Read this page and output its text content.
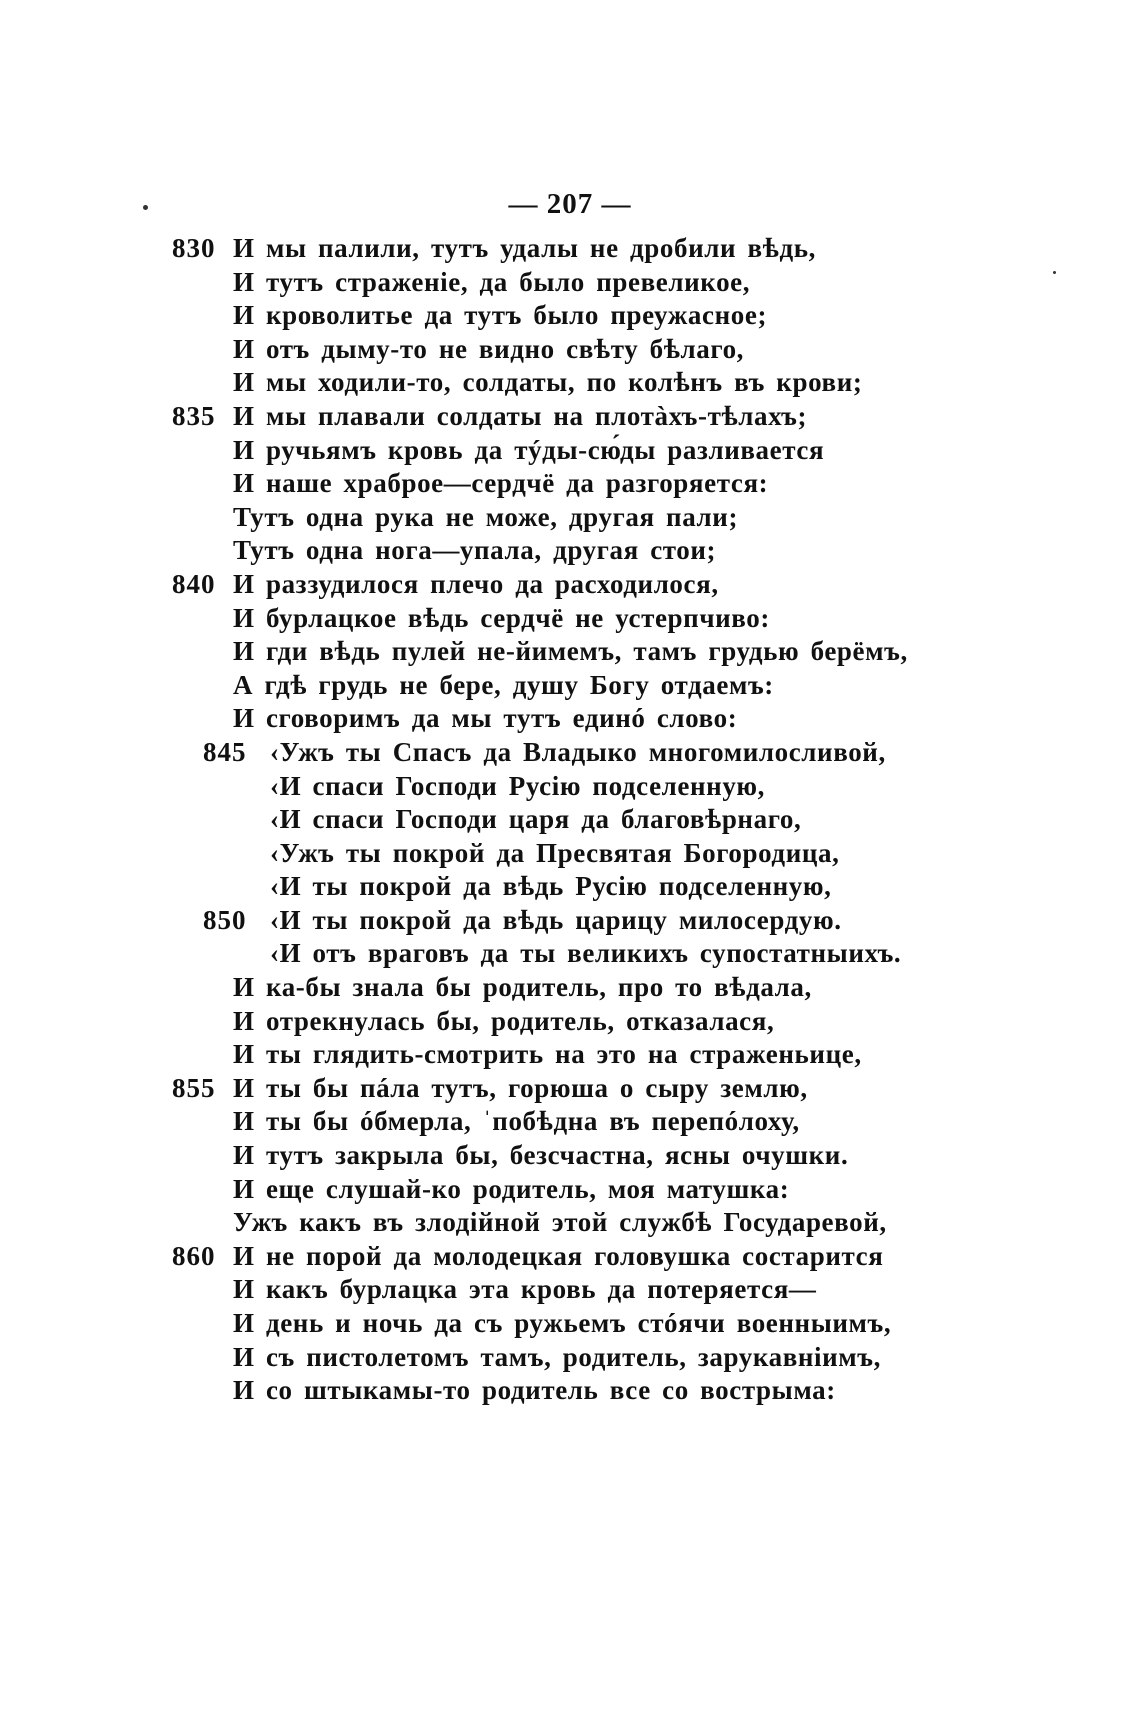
— 207 —
830 И мы палили, тутъ удалы не дробили вѣдь,
И тутъ страженіе, да было превеликое,
И кроволитье да тутъ было преужасное;
И отъ дыму-то не видно свѣту бѣлаго,
И мы ходили-то, солдаты, по колѣнъ въ крови;
835 И мы плавали солдаты на плотàхъ-тѣлахъ;
И ручьямъ кровь да тýды-сю́ды разливается
И наше храброе—сердчё да разгоряется:
Тутъ одна рука не може, другая пали;
Тутъ одна нога—упала, другая стои;
840 И раззудилося плечо да расходилося,
И бурлацкое вѣдь сердчё не устерпчиво:
И гди вѣдь пулей не-йимемъ, тамъ грудью берёмъ,
А гдѣ грудь не бере, душу Богу отдаемъ:
И сговоримъ да мы тутъ единó слово:
845 ‹Ужъ ты Спасъ да Владыко многомилосливой,
‹И спаси Господи Русію подселенную,
‹И спаси Господи царя да благовѣрнаго,
‹Ужъ ты покрой да Пресвятая Богородица,
‹И ты покрой да вѣдь Русію подселенную,
850 ‹И ты покрой да вѣдь царицу милосердую.
‹И отъ враговъ да ты великихъ супостатныихъ.
И ка-бы знала бы родитель, про то вѣдала,
И отрекнулась бы, родитель, отказалася,
И ты глядить-смотрить на это на страженьице,
855 И ты бы пáла тутъ, горюша о сыру землю,
И ты бы óбмерла, ˈпобѣдна въ перепóлоху,
И тутъ закрыла бы, безсчастна, ясны очушки.
И еще слушай-ко родитель, моя матушка:
Ужъ какъ въ злодійной этой службѣ Государевой,
860 И не порой да молодецкая головушка состарится
И какъ бурлацка эта кровь да потеряется—
И день и ночь да съ ружьемъ стóячи военныимъ,
И съ пистолетомъ тамъ, родитель, зарукавніимъ,
И со штыкамы-то родитель все со вострыма:
